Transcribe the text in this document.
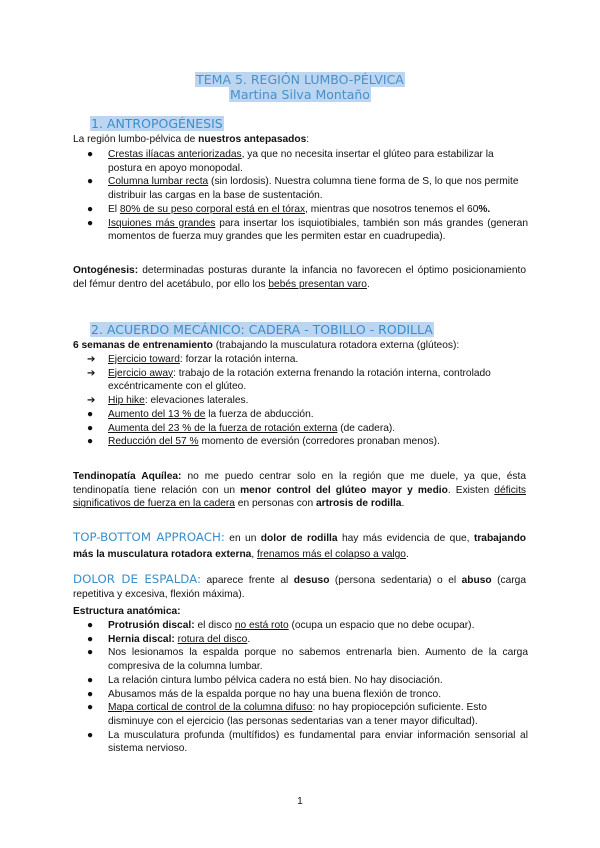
TEMA 5. REGIÓN LUMBO-PÉLVICA
Martina Silva Montaño
1. ANTROPOGÉNESIS
La región lumbo-pélvica de nuestros antepasados:
● Crestas ilíacas anteriorizadas, ya que no necesita insertar el glúteo para estabilizar la postura en apoyo monopodal.
● Columna lumbar recta (sin lordosis). Nuestra columna tiene forma de S, lo que nos permite distribuir las cargas en la base de sustentación.
● El 80% de su peso corporal está en el tórax, mientras que nosotros tenemos el 60%.
● Isquiones más grandes para insertar los isquiotibiales, también son más grandes (generan momentos de fuerza muy grandes que les permiten estar en cuadrupedia).
Ontogénesis: determinadas posturas durante la infancia no favorecen el óptimo posicionamiento del fémur dentro del acetábulo, por ello los bebés presentan varo.
2. ACUERDO MECÁNICO: CADERA - TOBILLO - RODILLA
6 semanas de entrenamiento (trabajando la musculatura rotadora externa (glúteos):
➔ Ejercicio toward: forzar la rotación interna.
➔ Ejercicio away: trabajo de la rotación externa frenando la rotación interna, controlado excéntricamente con el glúteo.
➔ Hip hike: elevaciones laterales.
● Aumento del 13 % de la fuerza de abducción.
● Aumenta del 23 % de la fuerza de rotación externa (de cadera).
● Reducción del 57 % momento de eversión (corredores pronaban menos).
Tendinopatía Aquílea: no me puedo centrar solo en la región que me duele, ya que, ésta tendinopatía tiene relación con un menor control del glúteo mayor y medio. Existen déficits significativos de fuerza en la cadera en personas con artrosis de rodilla.
TOP-BOTTOM APPROACH: en un dolor de rodilla hay más evidencia de que, trabajando más la musculatura rotadora externa, frenamos más el colapso a valgo.
DOLOR DE ESPALDA: aparece frente al desuso (persona sedentaria) o el abuso (carga repetitiva y excesiva, flexión máxima).
Estructura anatómica:
● Protrusión discal: el disco no está roto (ocupa un espacio que no debe ocupar).
● Hernia discal: rotura del disco.
● Nos lesionamos la espalda porque no sabemos entrenarla bien. Aumento de la carga compresiva de la columna lumbar.
● La relación cintura lumbo pélvica cadera no está bien. No hay disociación.
● Abusamos más de la espalda porque no hay una buena flexión de tronco.
● Mapa cortical de control de la columna difuso: no hay propiocepción suficiente. Esto disminuye con el ejercicio (las personas sedentarias van a tener mayor dificultad).
● La musculatura profunda (multífidos) es fundamental para enviar información sensorial al sistema nervioso.
1
